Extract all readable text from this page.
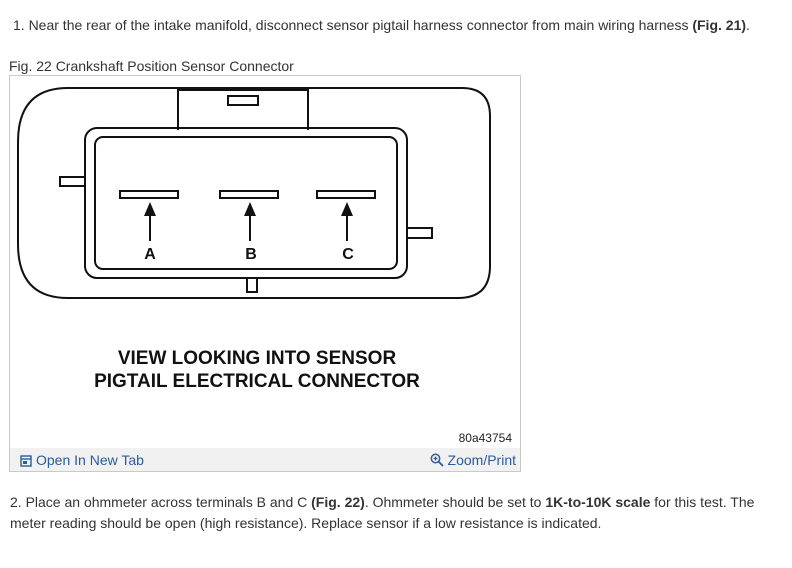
1. Near the rear of the intake manifold, disconnect sensor pigtail harness connector from main wiring harness (Fig. 21).
Fig. 22 Crankshaft Position Sensor Connector
A	B	C
VIEW LOOKING INTO SENSOR
PIGTAIL ELECTRICAL CONNECTOR
80a43754
Open In New Tab	Zoom/Print
2. Place an ohmmeter across terminals B and C (Fig. 22). Ohmmeter should be set to 1K-to-10K scale for this test. The meter reading should be open (high resistance). Replace sensor if a low resistance is indicated.
